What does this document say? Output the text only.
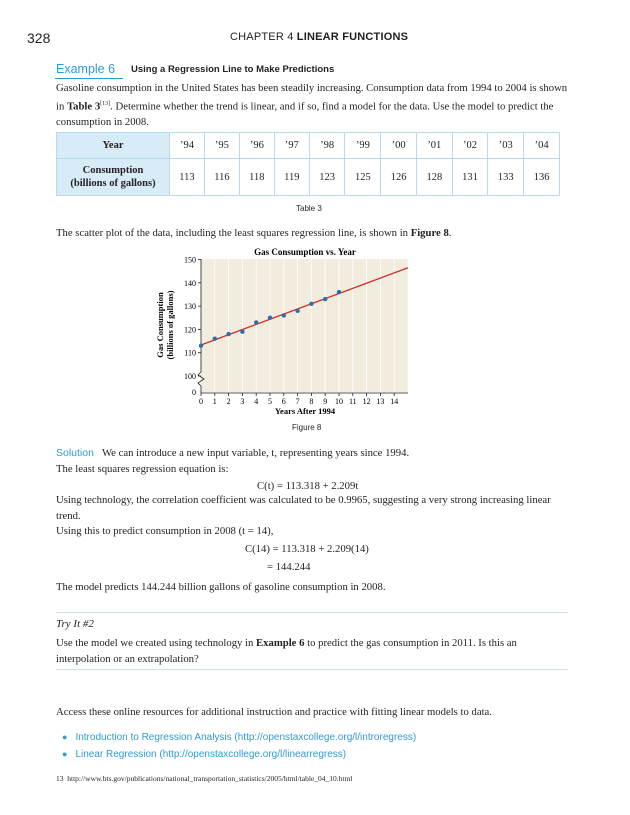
328	CHAPTER 4 LINEAR FUNCTIONS
Example 6 Using a Regression Line to Make Predictions

Gasoline consumption in the United States has been steadily increasing. Consumption data from 1994 to 2004 is shown in Table 3[13]. Determine whether the trend is linear, and if so, find a model for the data. Use the model to predict the consumption in 2008.

Year	’94	’95	’96	’97	’98	’99	’00	’01	’02	’03	’04
Consumption
(billions of gallons)	113	116	118	119	123	125	126	128	131	133	136
Table 3

The scatter plot of the data, including the least squares regression line, is shown in Figure 8.

Gas Consumption vs. Year
100
110
120
130
140
150
0 1 2 3 4 5 6 7 8 9 10 11 12 13 14
0
Years After 1994
Gas Consumption (billions of gallons)
Figure 8

Solution We can introduce a new input variable, t, representing years since 1994.

The least squares regression equation is:

C(t) = 113.318 + 2.209t

Using technology, the correlation coefficient was calculated to be 0.9965, suggesting a very strong increasing linear trend.

Using this to predict consumption in 2008 (t = 14),

C(14) = 113.318 + 2.209(14)

= 144.244

The model predicts 144.244 billion gallons of gasoline consumption in 2008.

Try It #2

Use the model we created using technology in Example 6 to predict the gas consumption in 2011. Is this an interpolation or an extrapolation?

Access these online resources for additional instruction and practice with fitting linear models to data.

● Introduction to Regression Analysis (http://openstaxcollege.org/l/introregress)
● Linear Regression (http://openstaxcollege.org/l/linearregress)
13 http://www.bts.gov/publications/national_transportation_statistics/2005/html/table_04_10.html
